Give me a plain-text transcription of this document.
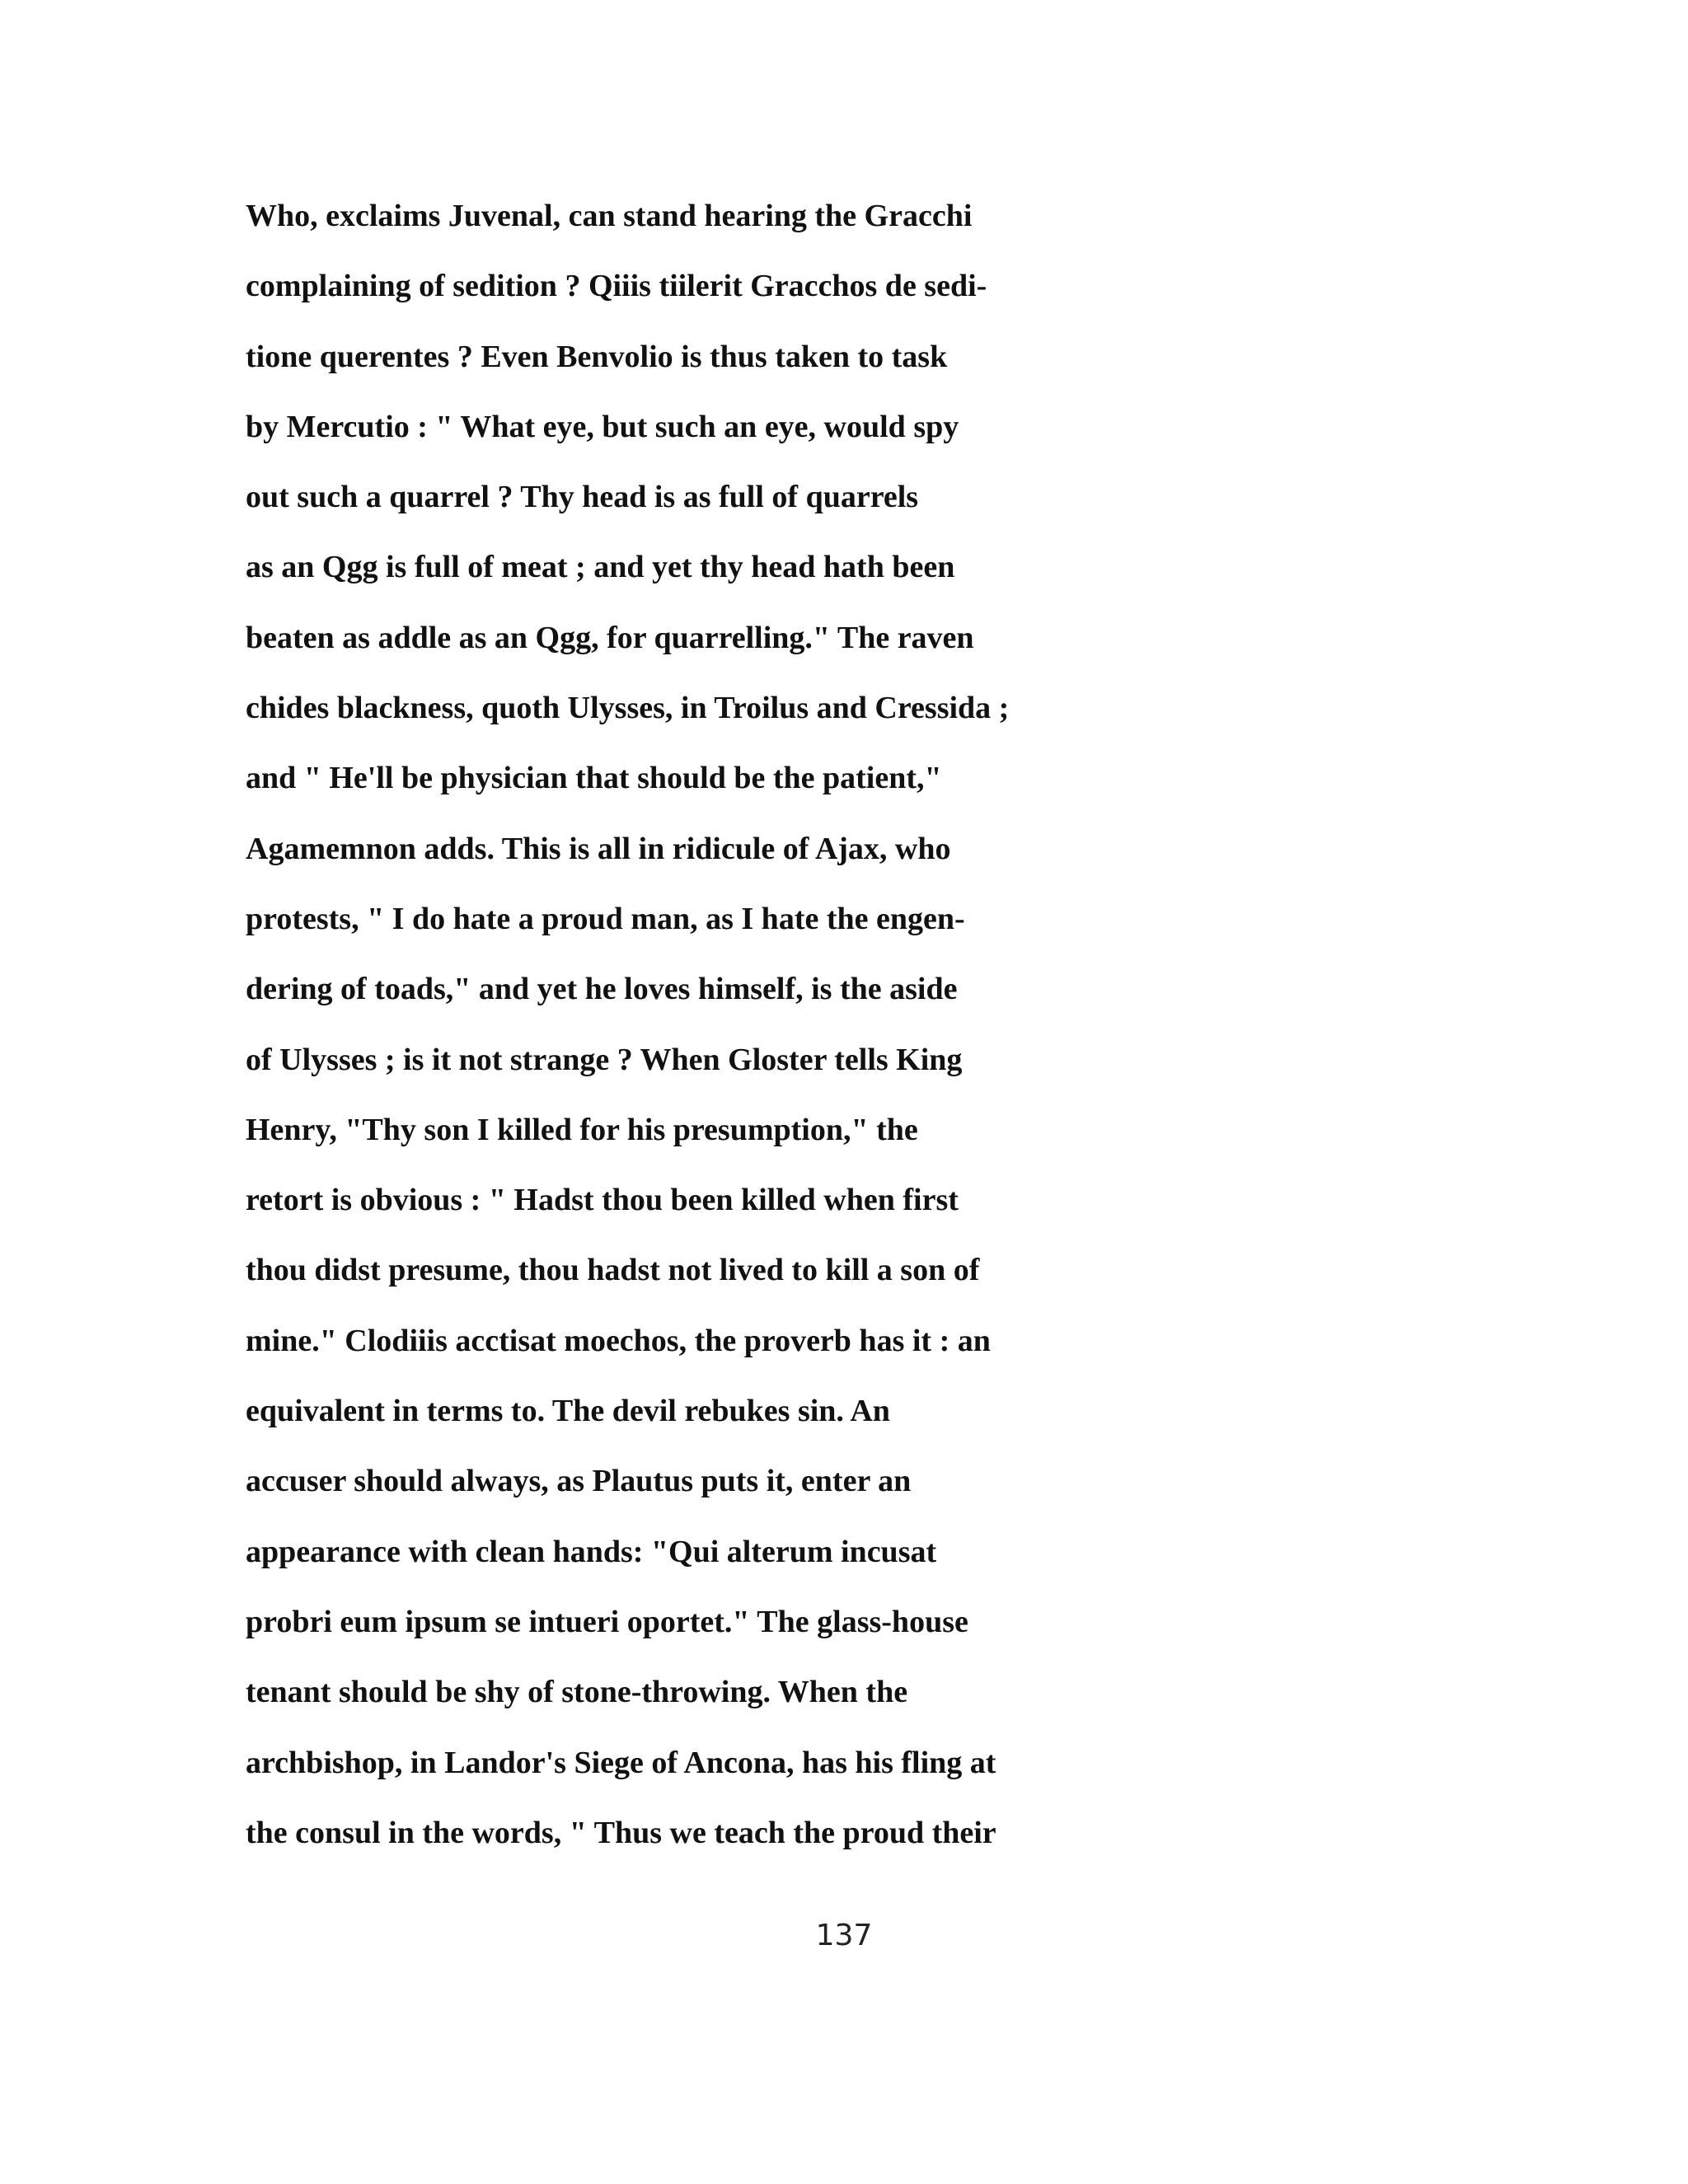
Who, exclaims Juvenal, can stand hearing the Gracchi
complaining of sedition ? Qiiis tiilerit Gracchos de sedi-
tione querentes ? Even Benvolio is thus taken to task
by Mercutio : " What eye, but such an eye, would spy
out such a quarrel ? Thy head is as full of quarrels
as an Qgg is full of meat ; and yet thy head hath been
beaten as addle as an Qgg, for quarrelling." The raven
chides blackness, quoth Ulysses, in Troilus and Cressida ;
and " He'll be physician that should be the patient,"
Agamemnon adds. This is all in ridicule of Ajax, who
protests, " I do hate a proud man, as I hate the engen-
dering of toads," and yet he loves himself, is the aside
of Ulysses ; is it not strange ? When Gloster tells King
Henry, "Thy son I killed for his presumption," the
retort is obvious : " Hadst thou been killed when first
thou didst presume, thou hadst not lived to kill a son of
mine." Clodiiis acctisat moechos, the proverb has it : an
equivalent in terms to. The devil rebukes sin. An
accuser should always, as Plautus puts it, enter an
appearance with clean hands: "Qui alterum incusat
probri eum ipsum se intueri oportet." The glass-house
tenant should be shy of stone-throwing. When the
archbishop, in Landor's Siege of Ancona, has his fling at
the consul in the words, " Thus we teach the proud their
137
